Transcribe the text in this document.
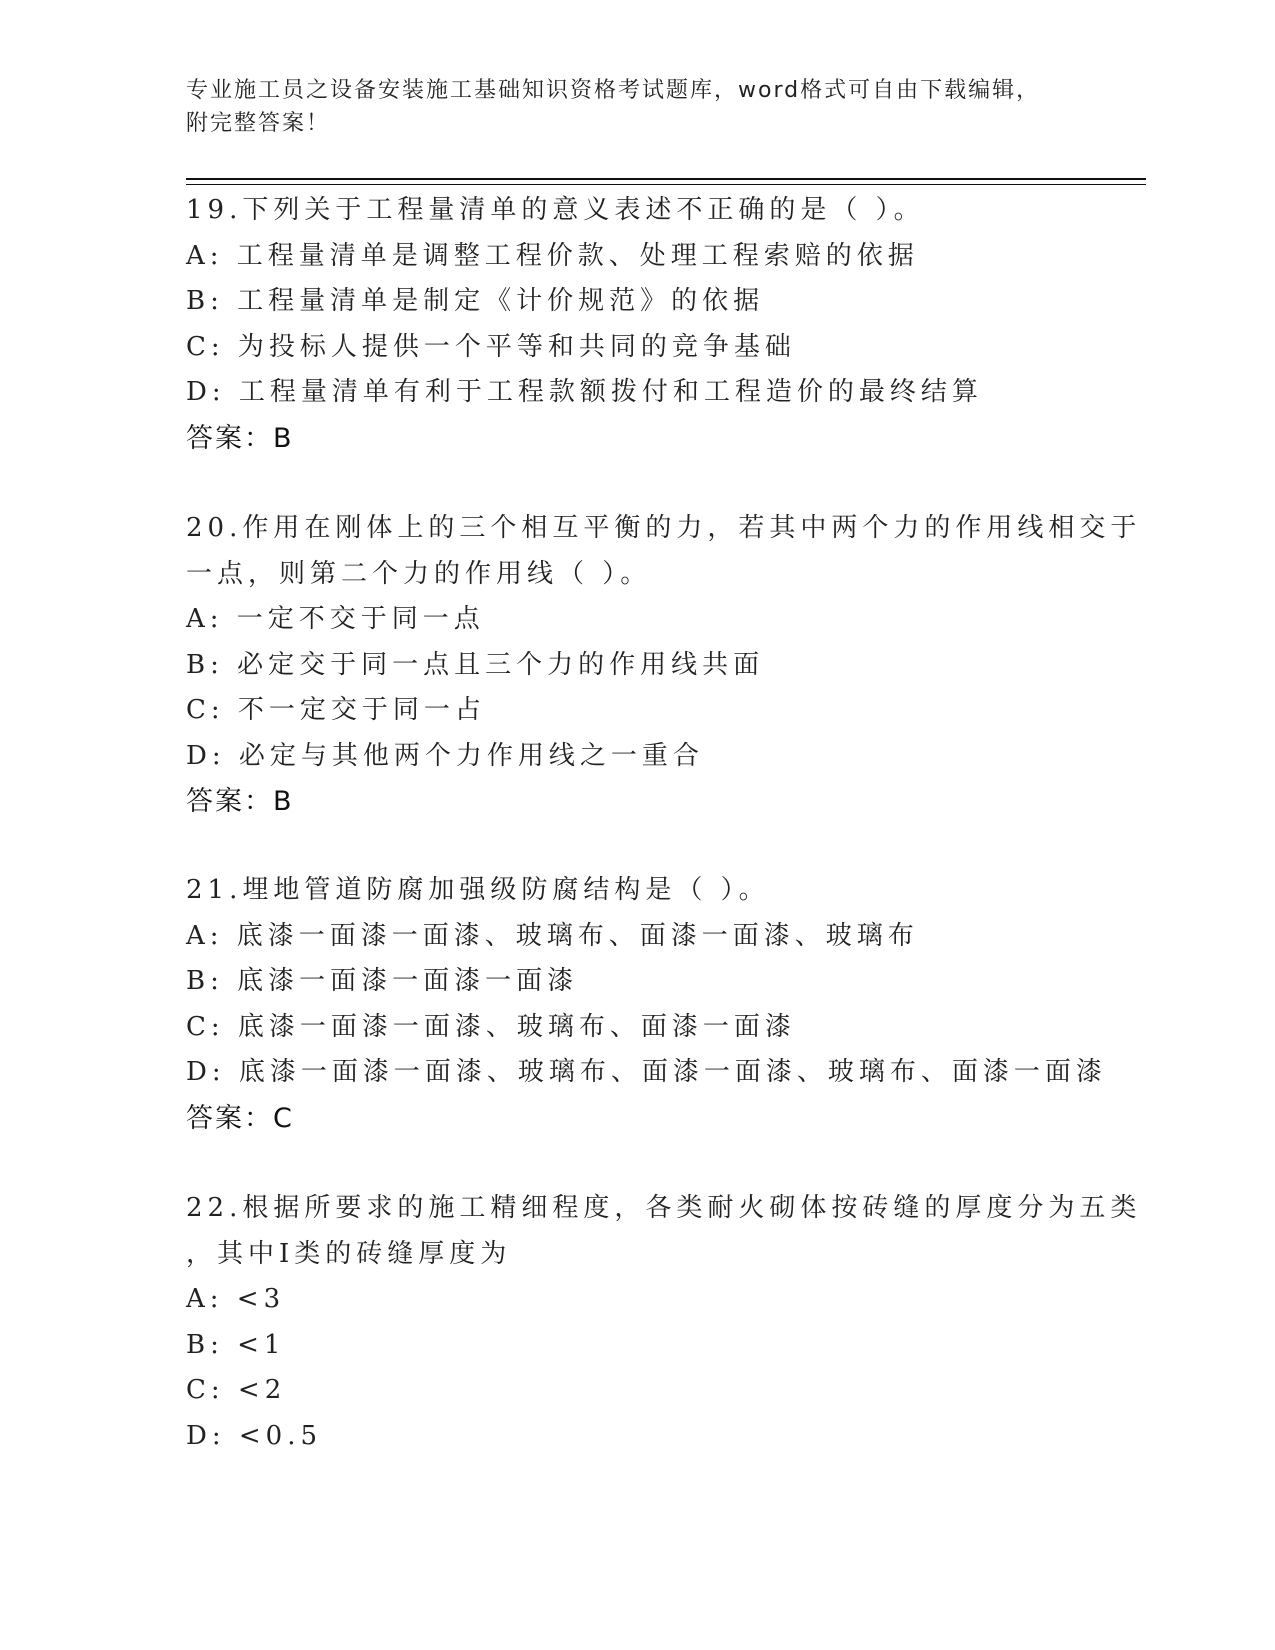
专业施工员之设备安装施工基础知识资格考试题库，word格式可自由下载编辑，
附完整答案！
19.下列关于工程量清单的意义表述不正确的是（ ）。
A: 工程量清单是调整工程价款、处理工程索赔的依据
B: 工程量清单是制定《计价规范》的依据
C: 为投标人提供一个平等和共同的竞争基础
D: 工程量清单有利于工程款额拨付和工程造价的最终结算
答案：B
20.作用在刚体上的三个相互平衡的力，若其中两个力的作用线相交于
一点，则第二个力的作用线（ ）。
A: 一定不交于同一点
B: 必定交于同一点且三个力的作用线共面
C: 不一定交于同一占
D: 必定与其他两个力作用线之一重合
答案：B
21.埋地管道防腐加强级防腐结构是（ ）。
A: 底漆一面漆一面漆、玻璃布、面漆一面漆、玻璃布
B: 底漆一面漆一面漆一面漆
C: 底漆一面漆一面漆、玻璃布、面漆一面漆
D: 底漆一面漆一面漆、玻璃布、面漆一面漆、玻璃布、面漆一面漆
答案：C
22.根据所要求的施工精细程度，各类耐火砌体按砖缝的厚度分为五类
，其中Ⅰ类的砖缝厚度为
A: <3
B: <1
C: <2
D: <0.5
